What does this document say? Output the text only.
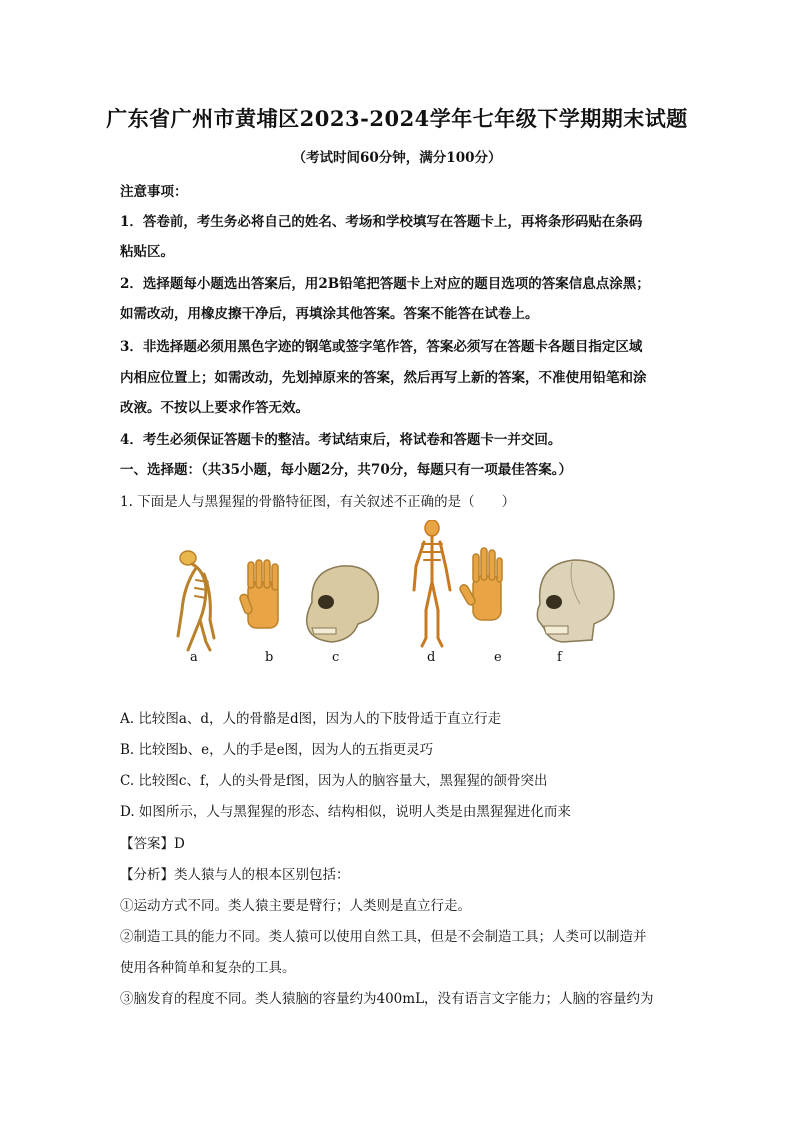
广东省广州市黄埔区2023-2024学年七年级下学期期末试题
（考试时间60分钟，满分100分）
注意事项：
1．答卷前，考生务必将自己的姓名、考场和学校填写在答题卡上，再将条形码贴在条码
粘贴区。
2．选择题每小题选出答案后，用2B铅笔把答题卡上对应的题目选项的答案信息点涂黑；
如需改动，用橡皮擦干净后，再填涂其他答案。答案不能答在试卷上。
3．非选择题必须用黑色字迹的钢笔或签字笔作答，答案必须写在答题卡各题目指定区域
内相应位置上；如需改动，先划掉原来的答案，然后再写上新的答案，不准使用铅笔和涂
改液。不按以上要求作答无效。
4．考生必须保证答题卡的整洁。考试结束后，将试卷和答题卡一并交回。
一、选择题：（共35小题，每小题2分，共70分，每题只有一项最佳答案。）
1. 下面是人与黑猩猩的骨骼特征图，有关叙述不正确的是（　　）
a	b	c	d	e	f
A. 比较图a、d，人的骨骼是d图，因为人的下肢骨适于直立行走
B. 比较图b、e，人的手是e图，因为人的五指更灵巧
C. 比较图c、f，人的头骨是f图，因为人的脑容量大，黑猩猩的颌骨突出
D. 如图所示，人与黑猩猩的形态、结构相似，说明人类是由黑猩猩进化而来
【答案】D
【分析】类人猿与人的根本区别包括：
①运动方式不同。类人猿主要是臂行；人类则是直立行走。
②制造工具的能力不同。类人猿可以使用自然工具，但是不会制造工具；人类可以制造并
使用各种简单和复杂的工具。
③脑发育的程度不同。类人猿脑的容量约为400mL，没有语言文字能力；人脑的容量约为
